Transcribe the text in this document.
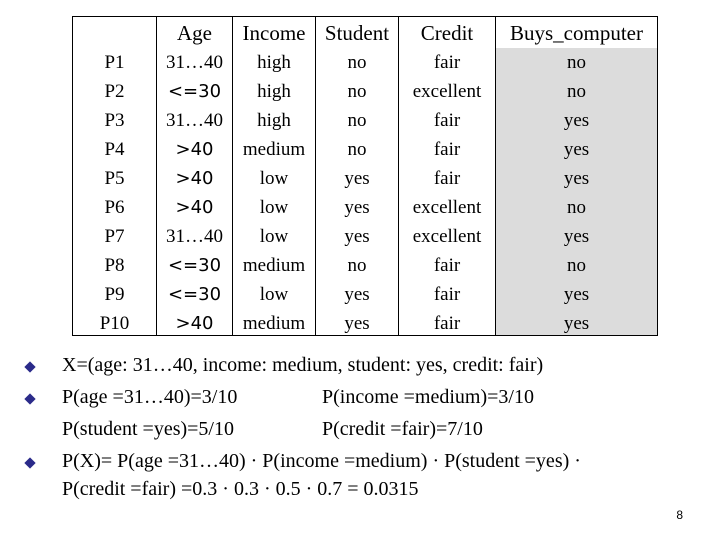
P1
P2
P3
P4
P5
P6
P7
P8
P9
P10
Age
31…40
<=30
31…40
>40
>40
>40
31…40
<=30
<=30
>40
Income
high
high
high
medium
low
low
low
medium
low
medium
Student
no
no
no
no
yes
yes
yes
no
yes
yes
Credit
fair
excellent
fair
fair
fair
excellent
excellent
fair
fair
fair
Buys_computer
no
no
yes
yes
yes
no
yes
no
yes
yes
X=(age: 31…40, income: medium, student: yes, credit: fair)
P(age =31…40)=3/10	P(income =medium)=3/10
P(student =yes)=5/10	P(credit =fair)=7/10
P(X)= P(age =31…40) · P(income =medium) · P(student =yes) ·
P(credit =fair) =0.3 · 0.3 · 0.5 · 0.7 = 0.0315
8
